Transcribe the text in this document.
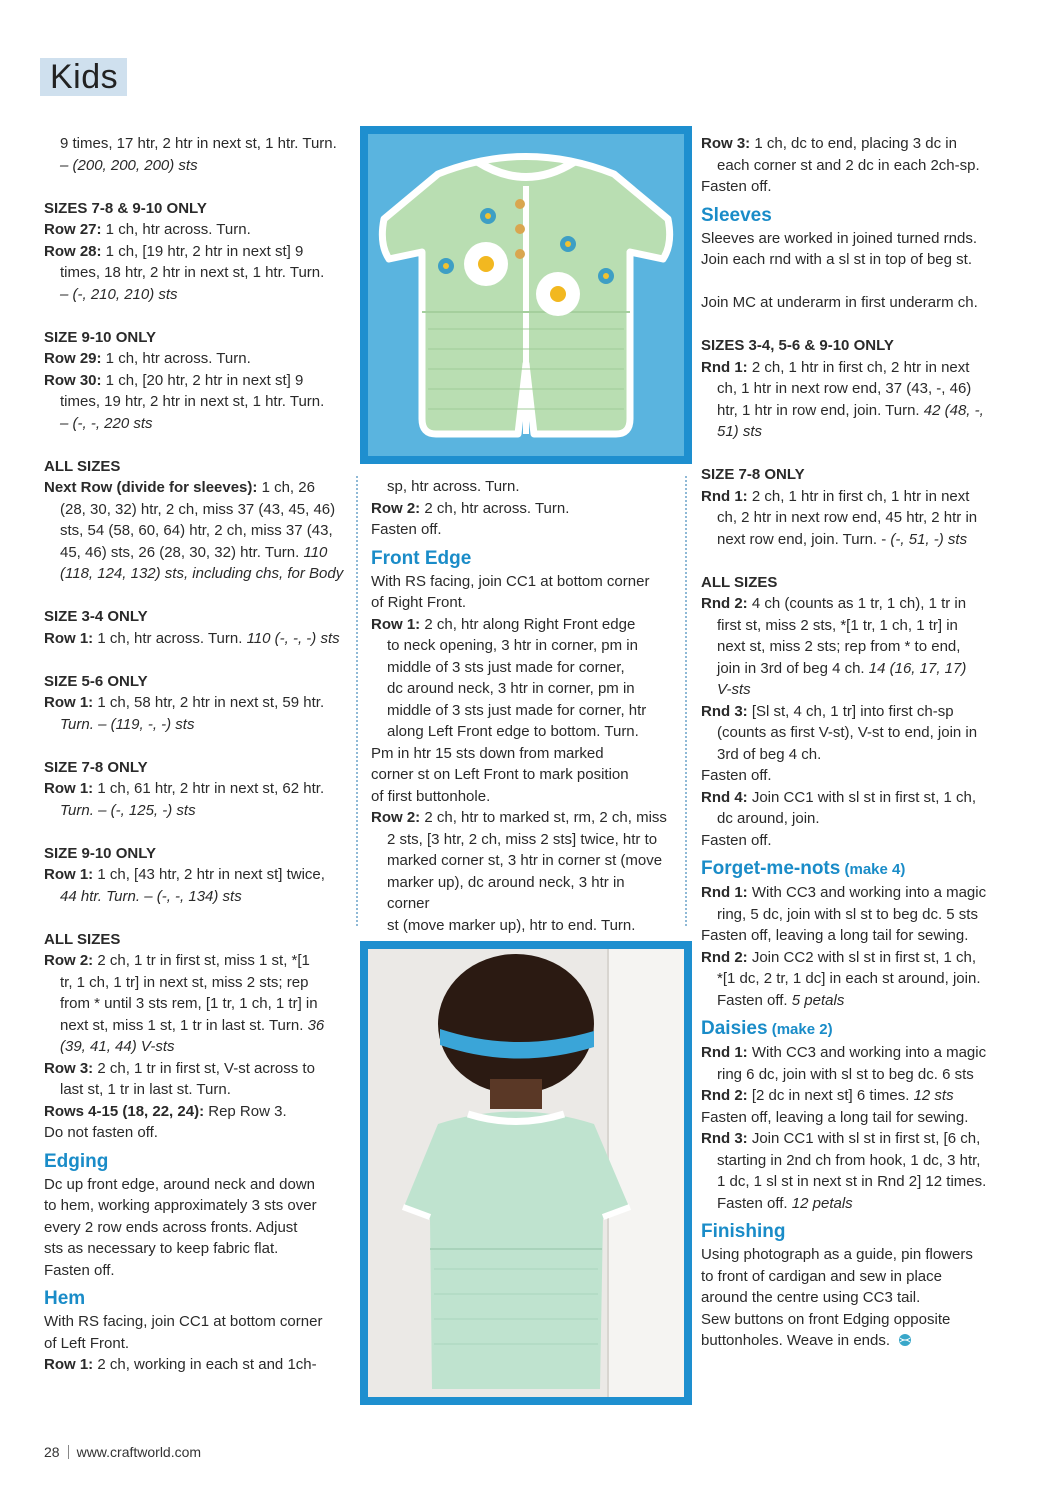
Kids

9 times, 17 htr, 2 htr in next st, 1 htr. Turn.

– (200, 200, 200) sts

SIZES 7-8 & 9-10 ONLY

Row 27: 1 ch, htr across. Turn.

Row 28: 1 ch, [19 htr, 2 htr in next st] 9

times, 18 htr, 2 htr in next st, 1 htr. Turn.

– (-, 210, 210) sts

SIZE 9-10 ONLY

Row 29: 1 ch, htr across. Turn.

Row 30: 1 ch, [20 htr, 2 htr in next st] 9

times, 19 htr, 2 htr in next st, 1 htr. Turn.

– (-, -, 220 sts

ALL SIZES

Next Row (divide for sleeves): 1 ch, 26

(28, 30, 32) htr, 2 ch, miss 37 (43, 45, 46)

sts, 54 (58, 60, 64) htr, 2 ch, miss 37 (43,

45, 46) sts, 26 (28, 30, 32) htr. Turn. 110

(118, 124, 132) sts, including chs, for Body

SIZE 3-4 ONLY

Row 1: 1 ch, htr across. Turn. 110 (-, -, -) sts

SIZE 5-6 ONLY

Row 1: 1 ch, 58 htr, 2 htr in next st, 59 htr.

Turn. – (119, -, -) sts

SIZE 7-8 ONLY

Row 1: 1 ch, 61 htr, 2 htr in next st, 62 htr.

Turn. – (-, 125, -) sts

SIZE 9-10 ONLY

Row 1: 1 ch, [43 htr, 2 htr in next st] twice,

44 htr. Turn. – (-, -, 134) sts

ALL SIZES

Row 2: 2 ch, 1 tr in first st, miss 1 st, *[1

tr, 1 ch, 1 tr] in next st, miss 2 sts; rep

from * until 3 sts rem, [1 tr, 1 ch, 1 tr] in

next st, miss 1 st, 1 tr in last st. Turn. 36

(39, 41, 44) V-sts

Row 3: 2 ch, 1 tr in first st, V-st across to

last st, 1 tr in last st. Turn.

Rows 4-15 (18, 22, 24): Rep Row 3.

Do not fasten off.

Edging

Dc up front edge, around neck and down

to hem, working approximately 3 sts over

every 2 row ends across fronts. Adjust

sts as necessary to keep fabric flat.

Fasten off.

Hem

With RS facing, join CC1 at bottom corner

of Left Front.

Row 1: 2 ch, working in each st and 1ch-

sp, htr across. Turn.

Row 2: 2 ch, htr across. Turn.

Fasten off.

Front Edge

With RS facing, join CC1 at bottom corner

of Right Front.

Row 1: 2 ch, htr along Right Front edge

to neck opening, 3 htr in corner, pm in

middle of 3 sts just made for corner,

dc around neck, 3 htr in corner, pm in

middle of 3 sts just made for corner, htr

along Left Front edge to bottom. Turn.

Pm in htr 15 sts down from marked

corner st on Left Front to mark position

of first buttonhole.

Row 2: 2 ch, htr to marked st, rm, 2 ch, miss

2 sts, [3 htr, 2 ch, miss 2 sts] twice, htr to

marked corner st, 3 htr in corner st (move

marker up), dc around neck, 3 htr in corner

st (move marker up), htr to end. Turn.

Row 3: 1 ch, dc to end, placing 3 dc in

each corner st and 2 dc in each 2ch-sp.

Fasten off.

Sleeves

Sleeves are worked in joined turned rnds.

Join each rnd with a sl st in top of beg st.

Join MC at underarm in first underarm ch.

SIZES 3-4, 5-6 & 9-10 ONLY

Rnd 1: 2 ch, 1 htr in first ch, 2 htr in next

ch, 1 htr in next row end, 37 (43, -, 46)

htr, 1 htr in row end, join. Turn. 42 (48, -,

51) sts

SIZE 7-8 ONLY

Rnd 1: 2 ch, 1 htr in first ch, 1 htr in next

ch, 2 htr in next row end, 45 htr, 2 htr in

next row end, join. Turn. - (-, 51, -) sts

ALL SIZES

Rnd 2: 4 ch (counts as 1 tr, 1 ch), 1 tr in

first st, miss 2 sts, *[1 tr, 1 ch, 1 tr] in

next st, miss 2 sts; rep from * to end,

join in 3rd of beg 4 ch. 14 (16, 17, 17)

V-sts

Rnd 3: [Sl st, 4 ch, 1 tr] into first ch-sp

(counts as first V-st), V-st to end, join in

3rd of beg 4 ch.

Fasten off.

Rnd 4: Join CC1 with sl st in first st, 1 ch,

dc around, join.

Fasten off.

Forget-me-nots (make 4)

Rnd 1: With CC3 and working into a magic

ring, 5 dc, join with sl st to beg dc. 5 sts

Fasten off, leaving a long tail for sewing.

Rnd 2: Join CC2 with sl st in first st, 1 ch,

*[1 dc, 2 tr, 1 dc] in each st around, join.

Fasten off. 5 petals

Daisies (make 2)

Rnd 1: With CC3 and working into a magic

ring 6 dc, join with sl st to beg dc. 6 sts

Rnd 2: [2 dc in next st] 6 times. 12 sts

Fasten off, leaving a long tail for sewing.

Rnd 3: Join CC1 with sl st in first st, [6 ch,

starting in 2nd ch from hook, 1 dc, 3 htr,

1 dc, 1 sl st in next st in Rnd 2] 12 times.

Fasten off. 12 petals

Finishing

Using photograph as a guide, pin flowers

to front of cardigan and sew in place

around the centre using CC3 tail.

Sew buttons on front Edging opposite

buttonholes. Weave in ends.

28 www.craftworld.com
